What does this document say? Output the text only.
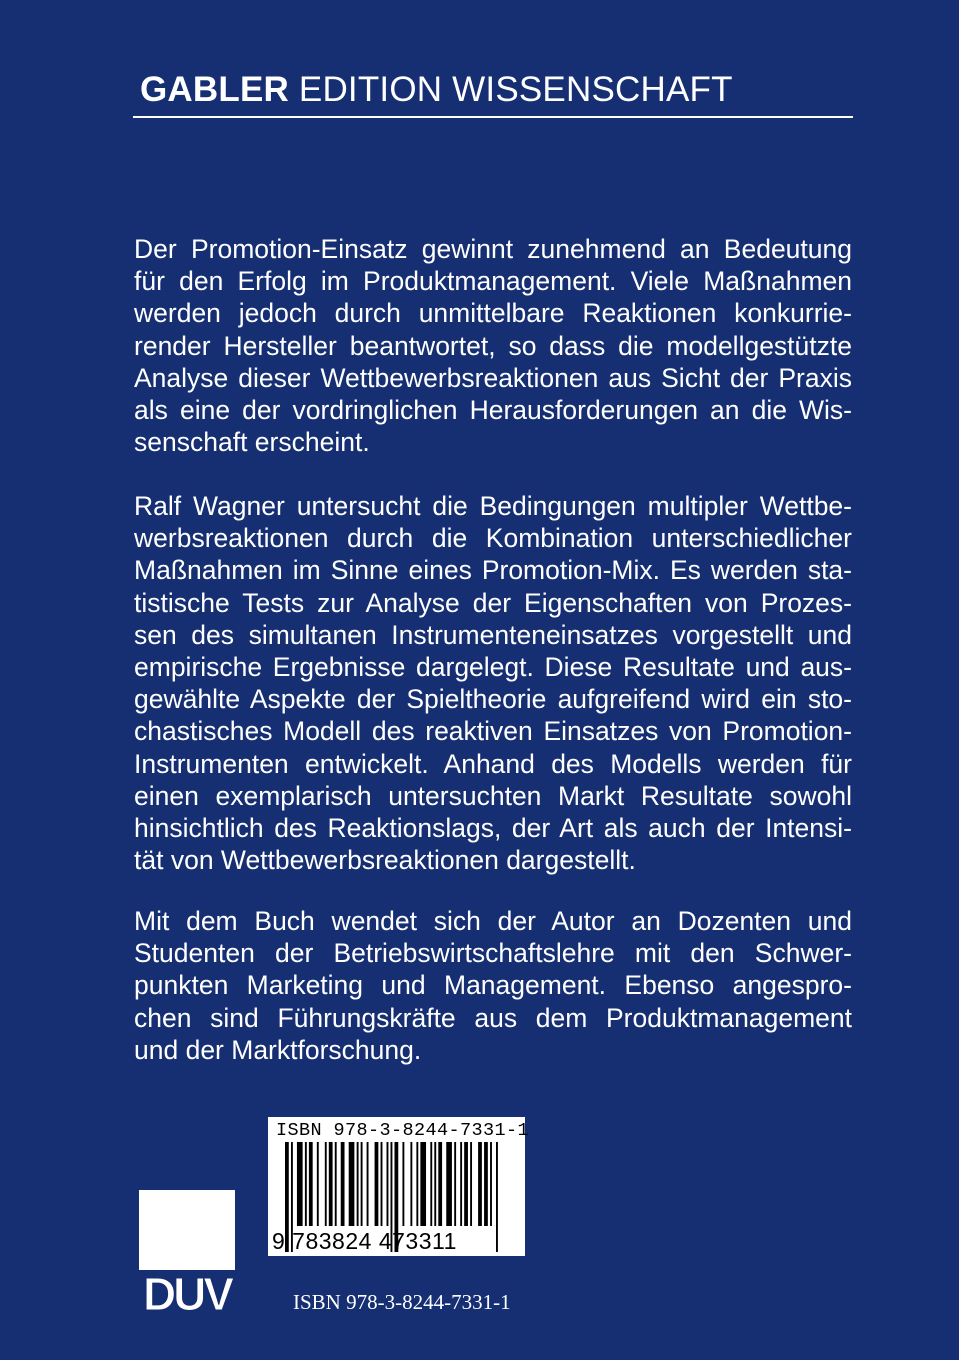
GABLER EDITION WISSENSCHAFT
Der Promotion-Einsatz gewinnt zunehmend an Bedeutung
für den Erfolg im Produktmanagement. Viele Maßnahmen
werden jedoch durch unmittelbare Reaktionen konkurrie-
render Hersteller beantwortet, so dass die modellgestützte
Analyse dieser Wettbewerbsreaktionen aus Sicht der Praxis
als eine der vordringlichen Herausforderungen an die Wis-
senschaft erscheint.
Ralf Wagner untersucht die Bedingungen multipler Wettbe-
werbsreaktionen durch die Kombination unterschiedlicher
Maßnahmen im Sinne eines Promotion-Mix. Es werden sta-
tistische Tests zur Analyse der Eigenschaften von Prozes-
sen des simultanen Instrumenteneinsatzes vorgestellt und
empirische Ergebnisse dargelegt. Diese Resultate und aus-
gewählte Aspekte der Spieltheorie aufgreifend wird ein sto-
chastisches Modell des reaktiven Einsatzes von Promotion-
Instrumenten entwickelt. Anhand des Modells werden für
einen exemplarisch untersuchten Markt Resultate sowohl
hinsichtlich des Reaktionslags, der Art als auch der Intensi-
tät von Wettbewerbsreaktionen dargestellt.
Mit dem Buch wendet sich der Autor an Dozenten und
Studenten der Betriebswirtschaftslehre mit den Schwer-
punkten Marketing und Management. Ebenso angespro-
chen sind Führungskräfte aus dem Produktmanagement
und der Marktforschung.
ISBN 978-3-8244-7331-1
9 783824 473311
DUV	ISBN 978-3-8244-7331-1
